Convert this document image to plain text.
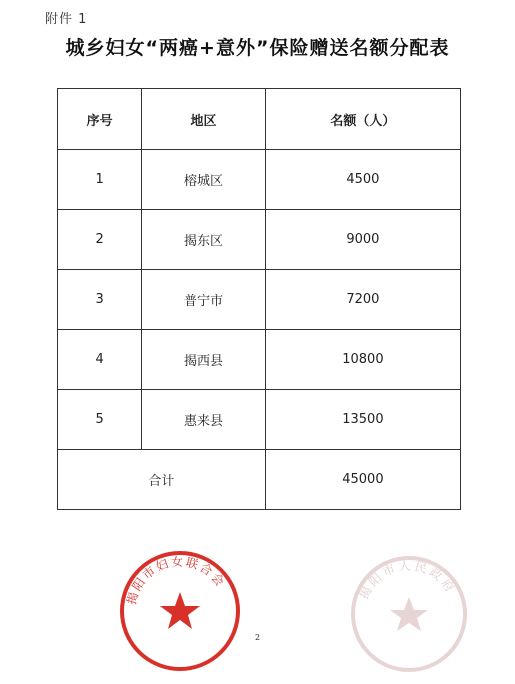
附件 1
城乡妇女“两癌+意外”保险赠送名额分配表
序号	地区	名额（人）
1	榕城区	4500
2	揭东区	9000
3	普宁市	7200
4	揭西县	10800
5	惠来县	13500
合计		45000
揭阳市妇女联合会
揭阳市人民政府
2
